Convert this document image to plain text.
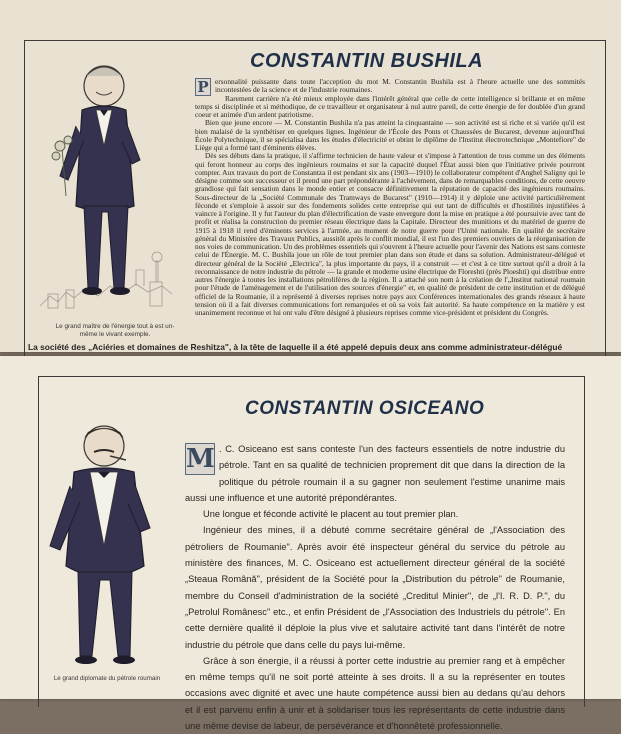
CONSTANTIN BUSHILA

P ersonnalité puissante dans toute l'acception du mot M. Constantin Bushila est à l'heure actuelle une des sommités incontestées de la science et de l'industrie roumaines.

Rarement carrière n'a été mieux employée dans l'intérêt général que celle de cette intelligence si brillante et en même temps si disciplinée et si méthodique, de ce travailleur et organisateur à nul autre pareil, de cette énergie de fer doublée d'un grand coeur et animée d'un ardent patriotisme.

Bien que jeune encore — M. Constantin Bushila n'a pas atteint la cinquantaine — son activité est si riche et si variée qu'il est bien malaisé de la synthétiser en quelques lignes. Ingénieur de l'École des Ponts et Chaussées de Bucarest, devenue aujourd'hui École Polytechnique, il se spécialisa dans les études d'électricité et obtint le diplôme de l'Institut électrotechnique „Montefiore" de Liège qui a formé tant d'éminents élèves.

Dès ses débuts dans la pratique, il s'affirme technicien de haute valeur et s'impose à l'attention de tous comme un des éléments qui feront honneur au corps des ingénieurs roumains et sur la capacité duquel l'État aussi bien que l'initiative privée pourront compter. Aux travaux du port de Constantza il est pendant six ans (1903—1910) le collaborateur compétent d'Anghel Saligny qui le désigne comme son successeur et il prend une part prépondérante à l'achèvement, dans de remarquables conditions, de cette oeuvre grandiose qui fait sensation dans le monde entier et consacre définitivement la réputation de capacité des ingénieurs roumains. Sous-directeur de la „Société Communale des Tramways de Bucarest" (1910—1914) il y déploie une activité particulièrement féconde et s'emploie à assoir sur des fondements solides cette entreprise qui eut tant de difficultés et d'hostilités injustifiées à vaincre à l'origine. Il y fut l'auteur du plan d'électrification de vaste envergure dont la mise en pratique a été poursuivie avec tant de profit et réalisa la construction du premier réseau électrique dans la Capitale. Directeur des munitions et du matériel de guerre de 1915 à 1918 il rend d'éminents services à l'armée, au moment de notre guerre pour l'Unité nationale. En qualité de secrétaire général du Ministère des Travaux Publics, aussitôt après le conflit mondial, il est l'un des premiers ouvriers de la réorganisation de nos voies de communication. Un des problèmes essentiels qui s'ouvrent à l'heure actuelle pour l'avenir des Nations est sans conteste celui de l'Énergie. M. C. Bushila joue un rôle de tout premier plan dans son étude et dans sa solution. Administrateur-délégué et directeur général de la Société „Electrica", la plus importante du pays, il a construit — et c'est à ce titre surtout qu'il a droit à la reconnaissance de notre industrie du pétrole — la grande et moderne usine électrique de Floreshti (près Ploeshti) qui distribue entre autres l'énergie à toutes les installations pétrolifères de la région. Il a attaché son nom à la création de l'„Institut national roumain pour l'étude de l'aménagement et de l'utilisation des sources d'énergie" et, en qualité de président de cette institution et de délégué officiel de la Roumanie, il a représenté à diverses reprises notre pays aux Conférences internationales des grands réseaux à haute tension où il a fait diverses communications fort remarquées et où sa voix fait autorité. Sa haute compétence en la matière y est unanimement reconnue et lui ont valu d'être désigné à plusieurs reprises comme vice-président et président du Congrès.

Le grand maître de l'énergie tout à est un-même le vivant exemple.

La société des „Aciéries et domaines de Reshitza", à la tête de laquelle il a été appelé depuis deux ans comme administrateur-délégué

CONSTANTIN OSICEANO

M . C. Osiceano est sans conteste l'un des facteurs essentiels de notre industrie du pétrole. Tant en sa qualité de technicien proprement dit que dans la direction de la politique du pétrole roumain il a su gagner non seulement l'estime unanime mais aussi une influence et une autorité prépondérantes.

Une longue et féconde activité le placent au tout premier plan.

Ingénieur des mines, il a débuté comme secrétaire général de „l'Association des pétroliers de Roumanie". Après avoir été inspecteur général du service du pétrole au ministère des finances, M. C. Osiceano est actuellement directeur général de la société „Steaua Română", président de la Société pour la „Distribution du pétrole" de Roumanie, membre du Conseil d'administration de la société „Creditul Minier", de „l'I. R. D. P.", du „Petrolul Românesc" etc., et enfin Président de „l'Association des Industriels du pétrole". En cette dernière qualité il déploie la plus vive et salutaire activité tant dans l'intérêt de notre industrie du pétrole que dans celle du pays lui-même.

Grâce à son énergie, il a réussi à porter cette industrie au premier rang et à empêcher en même temps qu'il ne soit porté atteinte à ses droits. Il a su la représenter en toutes occasions avec dignité et avec une haute compétence aussi bien au dedans qu'au dehors et il est parvenu enfin à unir et à solidariser tous les représentants de cette industrie dans une même devise de labeur, de persévérance et d'honnêteté professionnelle.

Le grand diplomate du pétrole roumain
